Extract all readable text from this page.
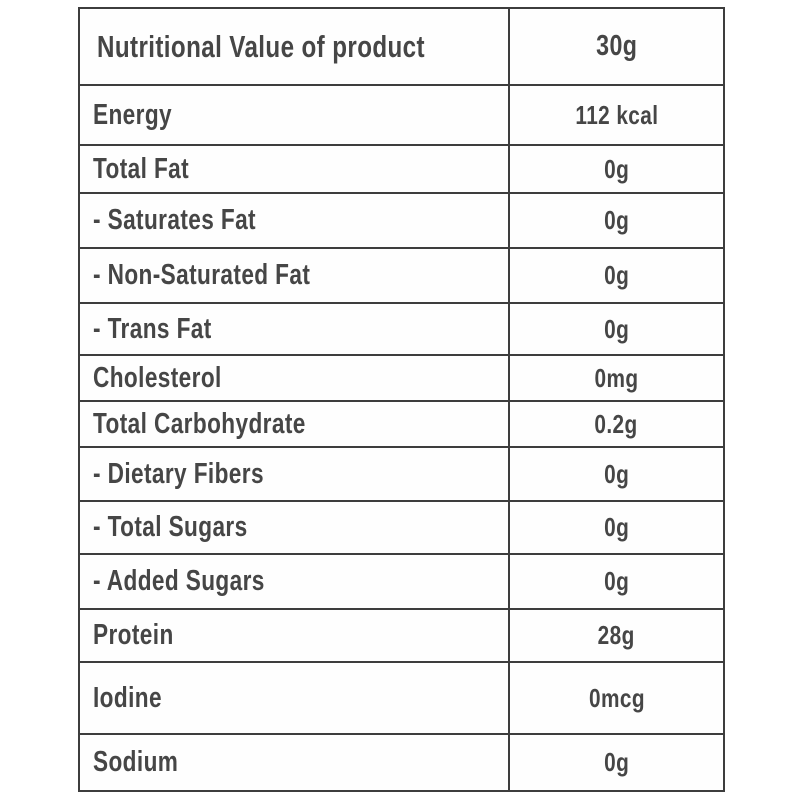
Nutritional Value of product	30g
Energy	112 kcal
Total Fat	0g
- Saturates Fat	0g
- Non-Saturated Fat	0g
- Trans Fat	0g
Cholesterol	0mg
Total Carbohydrate	0.2g
- Dietary Fibers	0g
- Total Sugars	0g
- Added Sugars	0g
Protein	28g
Iodine	0mcg
Sodium	0g
